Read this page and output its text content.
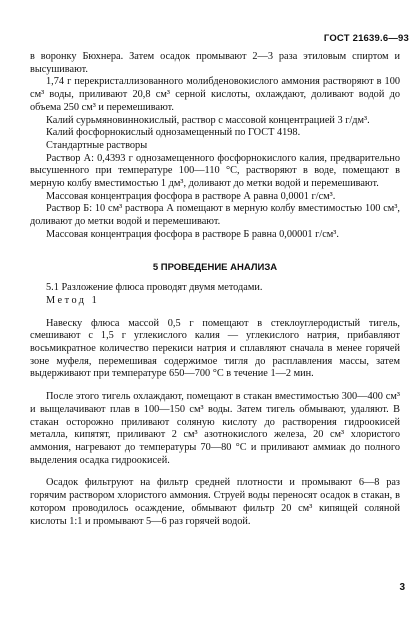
ГОСТ 21639.6—93

в воронку Бюхнера. Затем осадок промывают 2—3 раза этиловым спиртом и высушивают.

1,74 г перекристаллизованного молибденовокислого аммония растворяют в 100 см³ воды, приливают 20,8 см³ серной кислоты, охлаждают, доливают водой до объема 250 см³ и перемешивают.

Калий сурьмяновиннокислый, раствор с массовой концентрацией 3 г/дм³.

Калий фосфорнокислый однозамещенный по ГОСТ 4198.

Стандартные растворы

Раствор А: 0,4393 г однозамещенного фосфорнокислого калия, предварительно высушенного при температуре 100—110 °С, растворяют в воде, помещают в мерную колбу вместимостью 1 дм³, доливают до метки водой и перемешивают.

Массовая концентрация фосфора в растворе А равна 0,0001 г/см³.

Раствор Б: 10 см³ раствора А помещают в мерную колбу вместимостью 100 см³, доливают до метки водой и перемешивают.

Массовая концентрация фосфора в растворе Б равна 0,00001 г/см³.

5 ПРОВЕДЕНИЕ АНАЛИЗА

5.1 Разложение флюса проводят двумя методами.

Метод 1

Навеску флюса массой 0,5 г помещают в стеклоуглеродистый тигель, смешивают с 1,5 г углекислого калия — углекислого натрия, прибавляют восьмикратное количество перекиси натрия и сплавляют сначала в менее горячей зоне муфеля, перемешивая содержимое тигля до расплавления массы, затем выдерживают при температуре 650—700 °С в течение 1—2 мин.

После этого тигель охлаждают, помещают в стакан вместимостью 300—400 см³ и выщелачивают плав в 100—150 см³ воды. Затем тигель обмывают, удаляют. В стакан осторожно приливают соляную кислоту до растворения гидроокисей металла, кипятят, приливают 2 см³ азотнокислого железа, 20 см³ хлористого аммония, нагревают до температуры 70—80 °С и приливают аммиак до полного выделения осадка гидроокисей.

Осадок фильтруют на фильтр средней плотности и промывают 6—8 раз горячим раствором хлористого аммония. Струей воды переносят осадок в стакан, в котором проводилось осаждение, обмывают фильтр 20 см³ кипящей соляной кислоты 1:1 и промывают 5—6 раз горячей водой.

3
